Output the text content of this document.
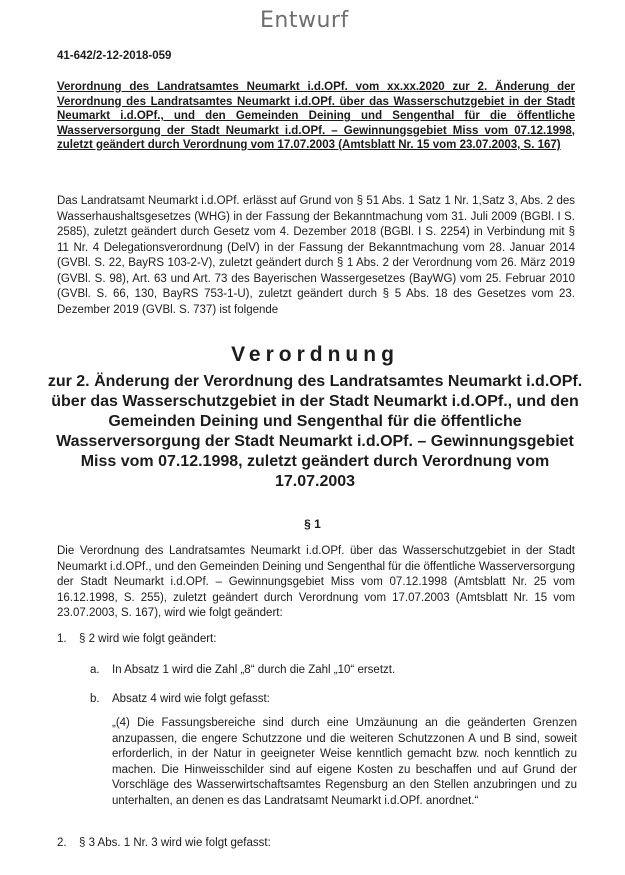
Entwurf
41-642/2-12-2018-059
Verordnung des Landratsamtes Neumarkt i.d.OPf. vom xx.xx.2020 zur 2. Änderung der Verordnung des Landratsamtes Neumarkt i.d.OPf. über das Wasserschutzgebiet in der Stadt Neumarkt i.d.OPf., und den Gemeinden Deining und Sengenthal für die öffentliche Wasserversorgung der Stadt Neumarkt i.d.OPf. – Gewinnungsgebiet Miss vom 07.12.1998, zuletzt geändert durch Verordnung vom 17.07.2003 (Amtsblatt Nr. 15 vom 23.07.2003, S. 167)
Das Landratsamt Neumarkt i.d.OPf. erlässt auf Grund von § 51 Abs. 1 Satz 1 Nr. 1,Satz 3, Abs. 2 des Wasserhaushaltsgesetzes (WHG) in der Fassung der Bekanntmachung vom 31. Juli 2009 (BGBl. I S. 2585), zuletzt geändert durch Gesetz vom 4. Dezember 2018 (BGBl. I S. 2254) in Verbindung mit § 11 Nr. 4 Delegationsverordnung (DelV) in der Fassung der Bekanntmachung vom 28. Januar 2014 (GVBl. S. 22, BayRS 103-2-V), zuletzt geändert durch § 1 Abs. 2 der Verordnung vom 26. März 2019 (GVBl. S. 98), Art. 63 und Art. 73 des Bayerischen Wassergesetzes (BayWG) vom 25. Februar 2010 (GVBl. S. 66, 130, BayRS 753-1-U), zuletzt geändert durch § 5 Abs. 18 des Gesetzes vom 23. Dezember 2019 (GVBl. S. 737) ist folgende
Verordnung
zur 2. Änderung der Verordnung des Landratsamtes Neumarkt i.d.OPf. über das Wasserschutzgebiet in der Stadt Neumarkt i.d.OPf., und den Gemeinden Deining und Sengenthal für die öffentliche Wasserversorgung der Stadt Neumarkt i.d.OPf. – Gewinnungsgebiet Miss vom 07.12.1998, zuletzt geändert durch Verordnung vom 17.07.2003
§ 1
Die Verordnung des Landratsamtes Neumarkt i.d.OPf. über das Wasserschutzgebiet in der Stadt Neumarkt i.d.OPf., und den Gemeinden Deining und Sengenthal für die öffentliche Wasserversorgung der Stadt Neumarkt i.d.OPf. – Gewinnungsgebiet Miss vom 07.12.1998 (Amtsblatt Nr. 25 vom 16.12.1998, S. 255), zuletzt geändert durch Verordnung vom 17.07.2003 (Amtsblatt Nr. 15 vom 23.07.2003, S. 167), wird wie folgt geändert:
1. § 2 wird wie folgt geändert:
a. In Absatz 1 wird die Zahl „8“ durch die Zahl „10“ ersetzt.
b. Absatz 4 wird wie folgt gefasst:
„(4) Die Fassungsbereiche sind durch eine Umzäunung an die geänderten Grenzen anzupassen, die engere Schutzzone und die weiteren Schutzzonen A und B sind, soweit erforderlich, in der Natur in geeigneter Weise kenntlich gemacht bzw. noch kenntlich zu machen. Die Hinweisschilder sind auf eigene Kosten zu beschaffen und auf Grund der Vorschläge des Wasserwirtschaftsamtes Regensburg an den Stellen anzubringen und zu unterhalten, an denen es das Landratsamt Neumarkt i.d.OPf. anordnet.“
2. § 3 Abs. 1 Nr. 3 wird wie folgt gefasst:
